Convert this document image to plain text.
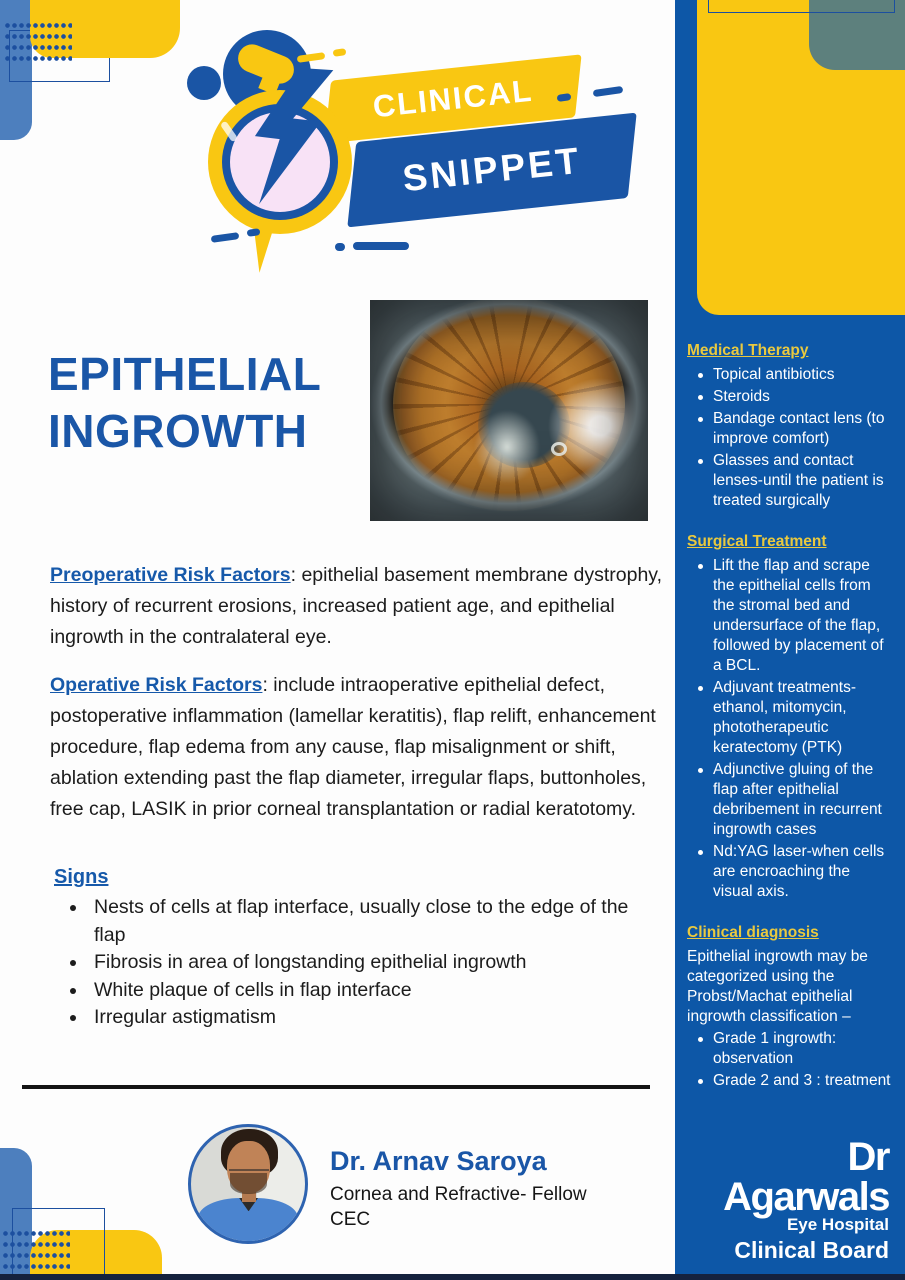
CLINICAL
SNIPPET
EPITHELIAL
INGROWTH

Preoperative Risk Factors: epithelial basement membrane dystrophy, history of recurrent erosions, increased patient age, and epithelial ingrowth in the contralateral eye.

Operative Risk Factors: include intraoperative epithelial defect, postoperative inflammation (lamellar keratitis), flap relift, enhancement procedure, flap edema from any cause, flap misalignment or shift, ablation extending past the flap diameter, irregular flaps, buttonholes, free cap, LASIK in prior corneal transplantation or radial keratotomy.

Signs
Nests of cells at flap interface, usually close to the edge of the flap
Fibrosis in area of longstanding epithelial ingrowth
White plaque of cells in flap interface
Irregular astigmatism
Dr. Arnav Saroya
Cornea and Refractive- Fellow
CEC
Medical Therapy
Topical antibiotics
Steroids
Bandage contact lens (to improve comfort)
Glasses and contact lenses-until the patient is treated surgically
Surgical Treatment
Lift the flap and scrape the epithelial cells from the stromal bed and undersurface of the flap, followed by placement of a BCL.
Adjuvant treatments- ethanol, mitomycin, phototherapeutic keratectomy (PTK)
Adjunctive gluing of the flap after epithelial debribement in recurrent ingrowth cases
Nd:YAG laser-when cells are encroaching the visual axis.
Clinical diagnosis

Epithelial ingrowth may be categorized using the Probst/Machat epithelial ingrowth classification –

Grade 1 ingrowth: observation
Grade 2 and 3 : treatment
Dr Agarwals
Eye Hospital
Clinical Board
